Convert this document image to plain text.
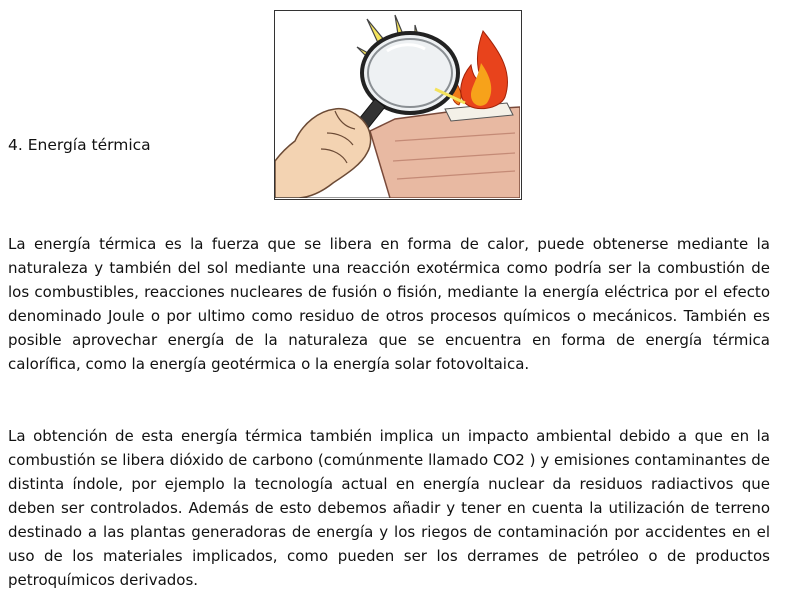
4. Energía térmica

La energía térmica es la fuerza que se libera en forma de calor, puede obtenerse mediante la naturaleza y también del sol mediante una reacción exotérmica como podría ser la combustión de los combustibles, reacciones nucleares de fusión o fisión, mediante la energía eléctrica por el efecto denominado Joule o por ultimo como residuo de otros procesos químicos o mecánicos. También es posible aprovechar energía de la naturaleza que se encuentra en forma de energía térmica calorífica, como la energía geotérmica o la energía solar fotovoltaica.

La obtención de esta energía térmica también implica un impacto ambiental debido a que en la combustión se libera dióxido de carbono (comúnmente llamado CO2 ) y emisiones contaminantes de distinta índole, por ejemplo la tecnología actual en energía nuclear da residuos radiactivos que deben ser controlados. Además de esto debemos añadir y tener en cuenta la utilización de terreno destinado a las plantas generadoras de energía y los riegos de contaminación por accidentes en el uso de los materiales implicados, como pueden ser los derrames de petróleo o de productos petroquímicos derivados.
